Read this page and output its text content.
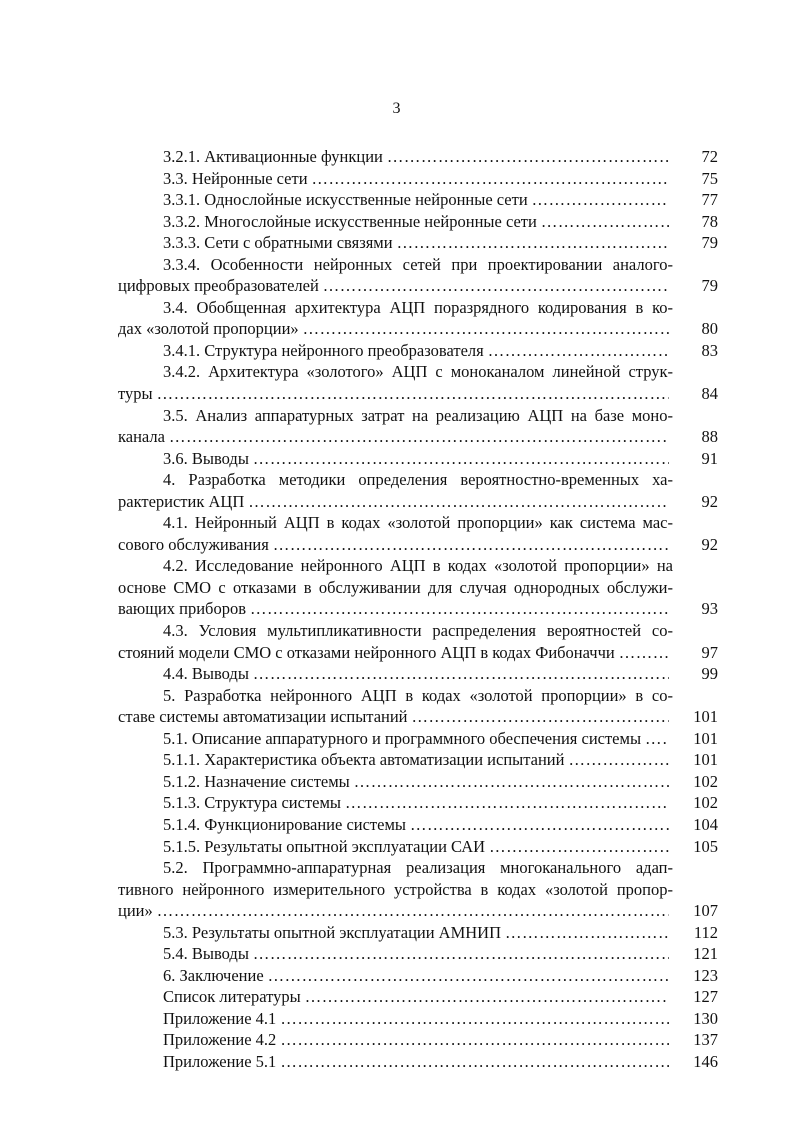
3
3.2.1. Активационные функции …………………………………………………………………………………………………………………………………………	72
3.3. Нейронные сети …………………………………………………………………………………………………………………………………………	75
3.3.1. Однослойные искусственные нейронные сети …………………………………………………………………………………………………………………………………………	77
3.3.2. Многослойные искусственные нейронные сети …………………………………………………………………………………………………………………………………………	78
3.3.3. Сети с обратными связями …………………………………………………………………………………………………………………………………………	79
3.3.4. Особенности нейронных сетей при проектировании аналого-
цифровых преобразователей …………………………………………………………………………………………………………………………………………	79
3.4. Обобщенная архитектура АЦП поразрядного кодирования в ко-
дах «золотой пропорции» …………………………………………………………………………………………………………………………………………	80
3.4.1. Структура нейронного преобразователя …………………………………………………………………………………………………………………………………………	83
3.4.2. Архитектура «золотого» АЦП с моноканалом линейной струк-
туры …………………………………………………………………………………………………………………………………………	84
3.5. Анализ аппаратурных затрат на реализацию АЦП на базе моно-
канала …………………………………………………………………………………………………………………………………………	88
3.6. Выводы …………………………………………………………………………………………………………………………………………	91
4. Разработка методики определения вероятностно-временных ха-
рактеристик АЦП …………………………………………………………………………………………………………………………………………	92
4.1. Нейронный АЦП в кодах «золотой пропорции» как система мас-
сового обслуживания …………………………………………………………………………………………………………………………………………	92
4.2. Исследование нейронного АЦП в кодах «золотой пропорции» на
основе СМО с отказами в обслуживании для случая однородных обслужи-
вающих приборов …………………………………………………………………………………………………………………………………………	93
4.3. Условия мультипликативности распределения вероятностей со-
стояний модели СМО с отказами нейронного АЦП в кодах Фибоначчи …………………………………………………………………………………………………………………………………………	97
4.4. Выводы …………………………………………………………………………………………………………………………………………	99
5. Разработка нейронного АЦП в кодах «золотой пропорции» в со-
ставе системы автоматизации испытаний …………………………………………………………………………………………………………………………………………	101
5.1. Описание аппаратурного и программного обеспечения системы …………………………………………………………………………………………………………………………………………	101
5.1.1. Характеристика объекта автоматизации испытаний …………………………………………………………………………………………………………………………………………	101
5.1.2. Назначение системы …………………………………………………………………………………………………………………………………………	102
5.1.3. Структура системы …………………………………………………………………………………………………………………………………………	102
5.1.4. Функционирование системы …………………………………………………………………………………………………………………………………………	104
5.1.5. Результаты опытной эксплуатации САИ …………………………………………………………………………………………………………………………………………	105
5.2. Программно-аппаратурная реализация многоканального адап-
тивного нейронного измерительного устройства в кодах «золотой пропор-
ции» …………………………………………………………………………………………………………………………………………	107
5.3. Результаты опытной эксплуатации АМНИП …………………………………………………………………………………………………………………………………………	112
5.4. Выводы …………………………………………………………………………………………………………………………………………	121
6. Заключение …………………………………………………………………………………………………………………………………………	123
Список литературы …………………………………………………………………………………………………………………………………………	127
Приложение 4.1 …………………………………………………………………………………………………………………………………………	130
Приложение 4.2 …………………………………………………………………………………………………………………………………………	137
Приложение 5.1 …………………………………………………………………………………………………………………………………………	146
